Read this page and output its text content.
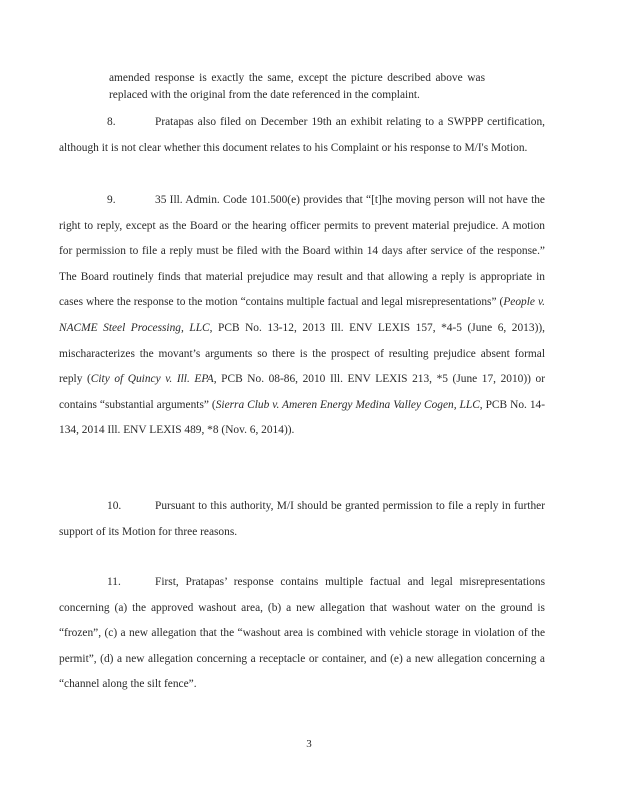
amended response is exactly the same, except the picture described above was replaced with the original from the date referenced in the complaint.

8.	Pratapas also filed on December 19th an exhibit relating to a SWPPP certification, although it is not clear whether this document relates to his Complaint or his response to M/I's Motion.

9.	35 Ill. Admin. Code 101.500(e) provides that “[t]he moving person will not have the right to reply, except as the Board or the hearing officer permits to prevent material prejudice. A motion for permission to file a reply must be filed with the Board within 14 days after service of the response.” The Board routinely finds that material prejudice may result and that allowing a reply is appropriate in cases where the response to the motion “contains multiple factual and legal misrepresentations” (People v. NACME Steel Processing, LLC, PCB No. 13-12, 2013 Ill. ENV LEXIS 157, *4-5 (June 6, 2013)), mischaracterizes the movant’s arguments so there is the prospect of resulting prejudice absent formal reply (City of Quincy v. Ill. EPA, PCB No. 08-86, 2010 Ill. ENV LEXIS 213, *5 (June 17, 2010)) or contains “substantial arguments” (Sierra Club v. Ameren Energy Medina Valley Cogen, LLC, PCB No. 14-134, 2014 Ill. ENV LEXIS 489, *8 (Nov. 6, 2014)).

10.	Pursuant to this authority, M/I should be granted permission to file a reply in further support of its Motion for three reasons.

11.	First, Pratapas’ response contains multiple factual and legal misrepresentations concerning (a) the approved washout area, (b) a new allegation that washout water on the ground is “frozen”, (c) a new allegation that the “washout area is combined with vehicle storage in violation of the permit”, (d) a new allegation concerning a receptacle or container, and (e) a new allegation concerning a “channel along the silt fence”.

3
